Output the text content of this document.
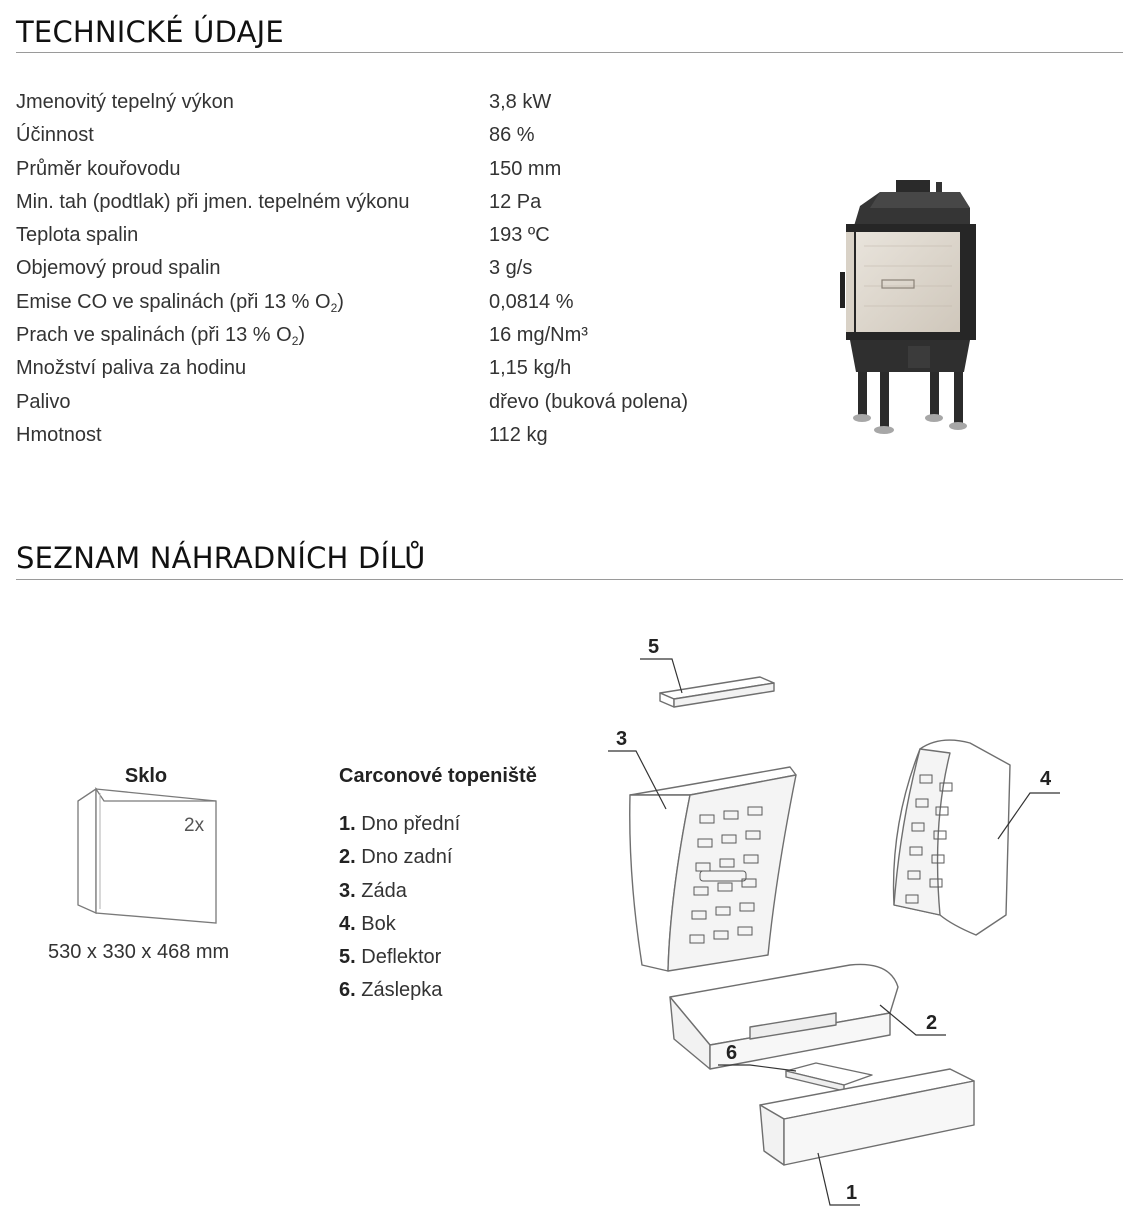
TECHNICKÉ ÚDAJE
Jmenovitý tepelný výkon	3,8 kW
Účinnost	86 %
Průměr kouřovodu	150 mm
Min. tah (podtlak) při jmen. tepelném výkonu	12 Pa
Teplota spalin	193 ºC
Objemový proud spalin	3 g/s
Emise CO ve spalinách (při 13 % $O_2$)	0,0814 %
Prach ve spalinách (při 13 % $O_2$)	16 mg/Nm³
Množství paliva za hodinu	1,15 kg/h
Palivo	dřevo (buková polena)
Hmotnost	112 kg
SEZNAM NÁHRADNÍCH DÍLŮ
Sklo
2x
530 x 330 x 468 mm
Carconové topeniště
1. Dno přední
2. Dno zadní
3. Záda
4. Bok
5. Deflektor
6. Záslepka
5
3
4
2
6
1
